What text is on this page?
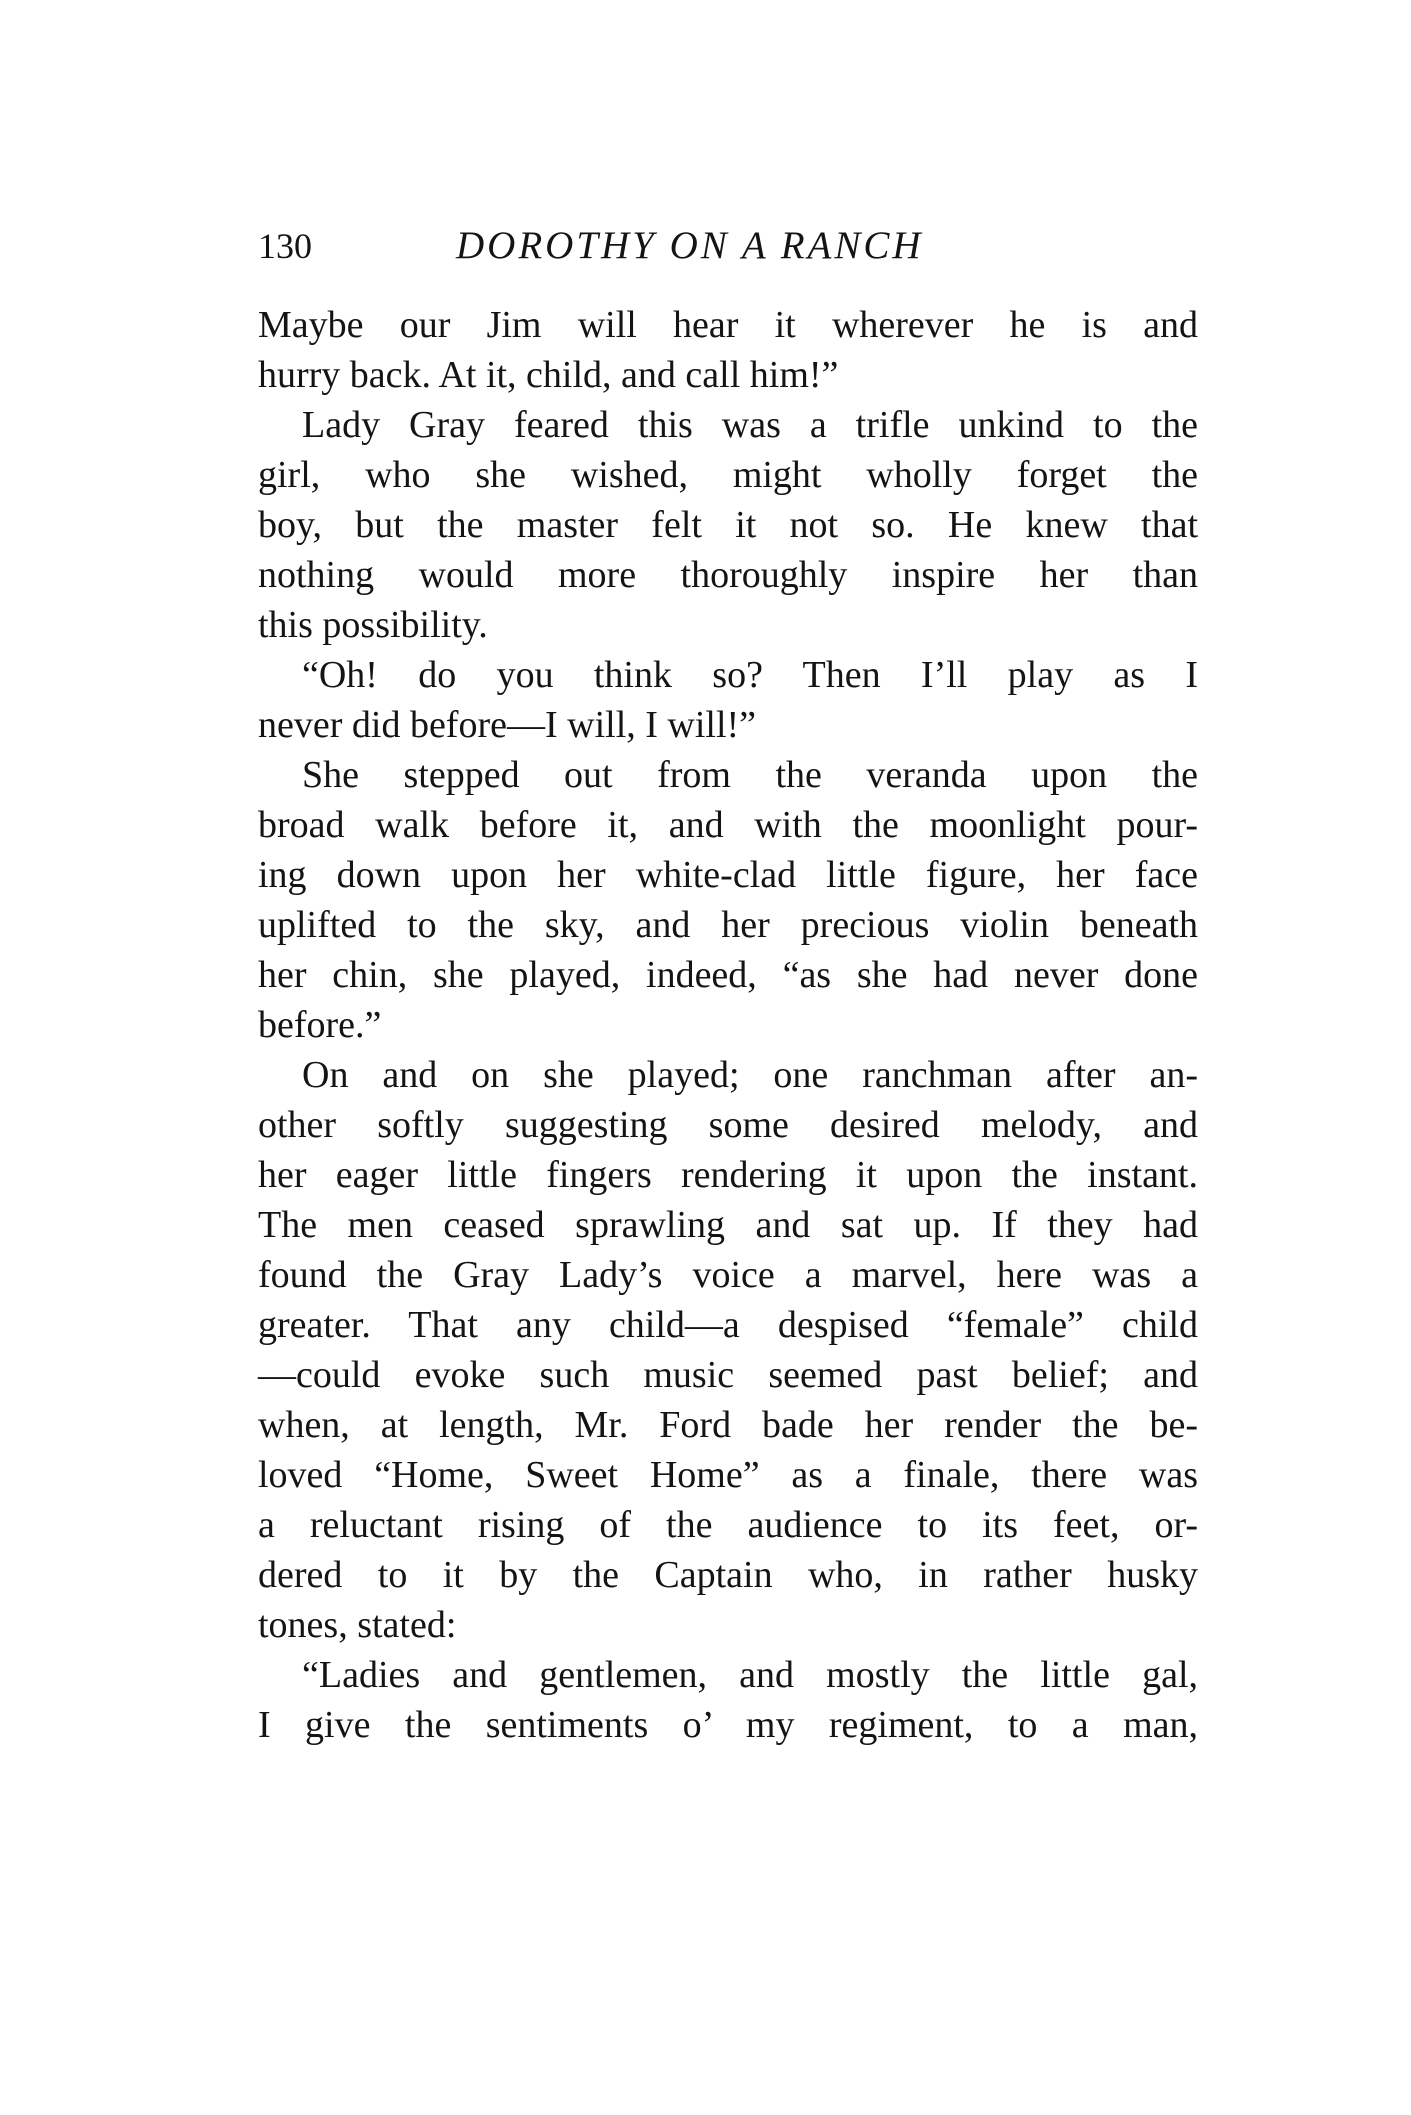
130	DOROTHY ON A RANCH
Maybe our Jim will hear it wherever he is and
hurry back. At it, child, and call him!”
Lady Gray feared this was a trifle unkind to the
girl, who she wished, might wholly forget the
boy, but the master felt it not so. He knew that
nothing would more thoroughly inspire her than
this possibility.
“Oh! do you think so? Then I’ll play as I
never did before—I will, I will!”
She stepped out from the veranda upon the
broad walk before it, and with the moonlight pour-
ing down upon her white-clad little figure, her face
uplifted to the sky, and her precious violin beneath
her chin, she played, indeed, “as she had never done
before.”
On and on she played; one ranchman after an-
other softly suggesting some desired melody, and
her eager little fingers rendering it upon the instant.
The men ceased sprawling and sat up. If they had
found the Gray Lady’s voice a marvel, here was a
greater. That any child—a despised “female” child
—could evoke such music seemed past belief; and
when, at length, Mr. Ford bade her render the be-
loved “Home, Sweet Home” as a finale, there was
a reluctant rising of the audience to its feet, or-
dered to it by the Captain who, in rather husky
tones, stated:
“Ladies and gentlemen, and mostly the little gal,
I give the sentiments o’ my regiment, to a man,
